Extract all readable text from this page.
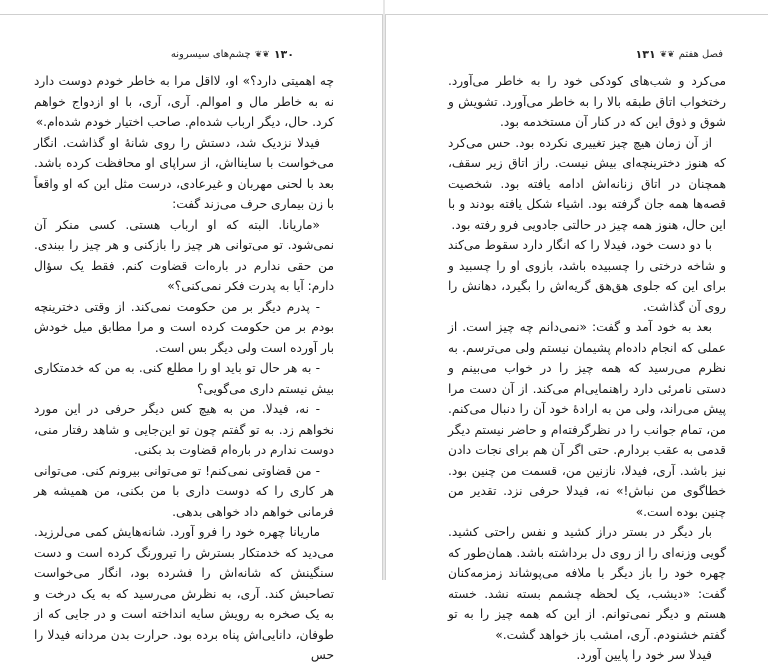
۱۳۰
❦❦
چشم‌های سیسرونه

چه اهمیتی دارد؟» او، لااقل مرا به خاطر خودم دوست دارد نه به خاطر مال و اموالم. آری، آری، با او ازدواج خواهم کرد. حال، دیگر ارباب شده‌ام. صاحب اختیار خودم شده‌ام.»

فیدلا نزدیک شد، دستش را روی شانهٔ او گذاشت. انگار می‌خواست با ساینااش، از سراپای او محافظت کرده باشد. بعد با لحنی مهربان و غیرعادی، درست مثل این که او واقعاً با زن بیماری حرف می‌زند گفت:

«ماریانا. البته که او ارباب هستی. کسی منکر آن نمی‌شود. تو می‌توانی هر چیز را بازکنی و هر چیز را ببندی. من حقی ندارم در باره‌ات قضاوت کنم. فقط یک سؤال دارم: آیا به پدرت فکر نمی‌کنی؟»

- پدرم دیگر بر من حکومت نمی‌کند. از وقتی دخترینچه بودم بر من حکومت کرده است و مرا مطابق میل خودش بار آورده است ولی دیگر بس است.

- به هر حال تو باید او را مطلع کنی. به من که خدمتکاری بیش نیستم داری می‌گویی؟

- نه، فیدلا. من به هیچ کس دیگر حرفی در این مورد نخواهم زد. به تو گفتم چون تو این‌جایی و شاهد رفتار منی، دوست ندارم در باره‌ام قضاوت بد بکنی.

- من قضاوتی نمی‌کنم! تو می‌توانی بیرونم کنی. می‌توانی هر کاری را که دوست داری با من بکنی، من همیشه هر فرمانی خواهم داد خواهی بدهی.

ماریانا چهره خود را فرو آورد. شانه‌هایش کمی می‌لرزید. می‌دید که خدمتکار بسترش را تیرورنگ کرده است و دست سنگینش که شانه‌اش را فشرده بود، انگار می‌خواست تصاحبش کند. آری، به نظرش می‌رسید که به یک درخت و به یک صخره به رویش سایه انداخته است و در جایی که از طوفان، دانایی‌اش پناه برده بود. حرارت بدن مردانه فیدلا را حس

فصل هفتم
❦❦
۱۳۱

می‌کرد و شب‌های کودکی خود را به خاطر می‌آورد. رختخواب اتاق طبقه بالا را به خاطر می‌آورد. تشویش و شوق و ذوق این که در کنار آن مستخدمه بود.

از آن زمان هیچ چیز تغییری نکرده بود. حس می‌کرد که هنوز دخترینچه‌ای بیش نیست. راز اتاق زیر سقف، همچنان در اتاق زنانه‌اش ادامه یافته بود. شخصیت قصه‌ها همه جان گرفته بود. اشیاء شکل یافته بودند و با این حال، هنوز همه چیز در حالتی جادویی فرو رفته بود.

با دو دست خود، فیدلا را که انگار دارد سقوط می‌کند و شاخه درختی را چسبیده باشد، بازوی او را چسبید و برای این که جلوی هق‌هق گریه‌اش را بگیرد، دهانش را روی آن گذاشت.

بعد به خود آمد و گفت: «نمی‌دانم چه چیز است. از عملی که انجام داده‌ام پشیمان نیستم ولی می‌ترسم. به نظرم می‌رسید که همه چیز را در خواب می‌بینم و دستی نامرئی دارد راهنمایی‌ام می‌کند. از آن دست مرا پیش می‌راند، ولی من به اراده‌ٔ خود آن را دنبال می‌کنم. من، تمام جوانب را در نظرگرفته‌ام و حاضر نیستم دیگر قدمی به عقب بردارم. حتی اگر آن هم برای نجات دادن نیز باشد. آری، فیدلا، نازنین من، قسمت من چنین بود. خطاگوی من نباش!» نه، فیدلا حرفی نزد. تقدیر من چنین بوده است.»

بار دیگر در بستر دراز کشید و نفس راحتی کشید. گویی وزنه‌ای را از روی دل برداشته باشد. همان‌طور که چهره خود را باز دیگر با ملافه می‌پوشاند زمزمه‌کنان گفت: «دیشب، یک لحظه چشمم بسته نشد. خسته هستم و دیگر نمی‌توانم. از این که همه چیز را به تو گفتم خشنودم. آری، امشب باز خواهد گشت.»

فیدلا سر خود را پایین آورد.
